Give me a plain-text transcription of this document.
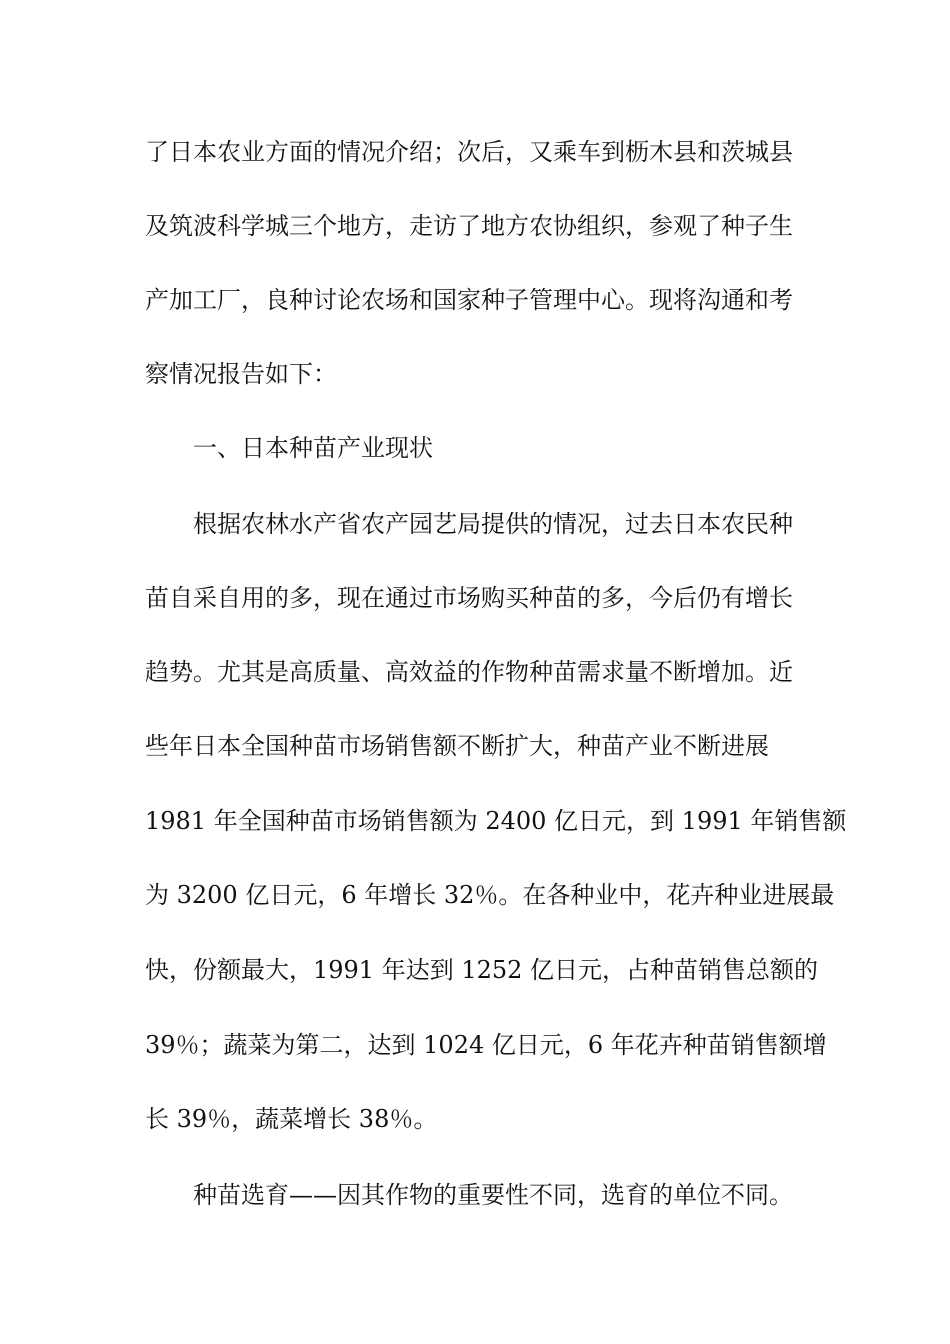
了日本农业方面的情况介绍；次后，又乘车到枥木县和茨城县
及筑波科学城三个地方，走访了地方农协组织，参观了种子生
产加工厂，良种讨论农场和国家种子管理中心。现将沟通和考
察情况报告如下：
一、日本种苗产业现状
根据农林水产省农产园艺局提供的情况，过去日本农民种
苗自采自用的多，现在通过市场购买种苗的多，今后仍有增长
趋势。尤其是高质量、高效益的作物种苗需求量不断增加。近
些年日本全国种苗市场销售额不断扩大，种苗产业不断进展
1981 年全国种苗市场销售额为 2400 亿日元，到 1991 年销售额
为 3200 亿日元，6 年增长 32％。在各种业中，花卉种业进展最
快，份额最大，1991 年达到 1252 亿日元，占种苗销售总额的
39％；蔬菜为第二，达到 1024 亿日元，6 年花卉种苗销售额增
长 39％，蔬菜增长 38％。
种苗选育——因其作物的重要性不同，选育的单位不同。
